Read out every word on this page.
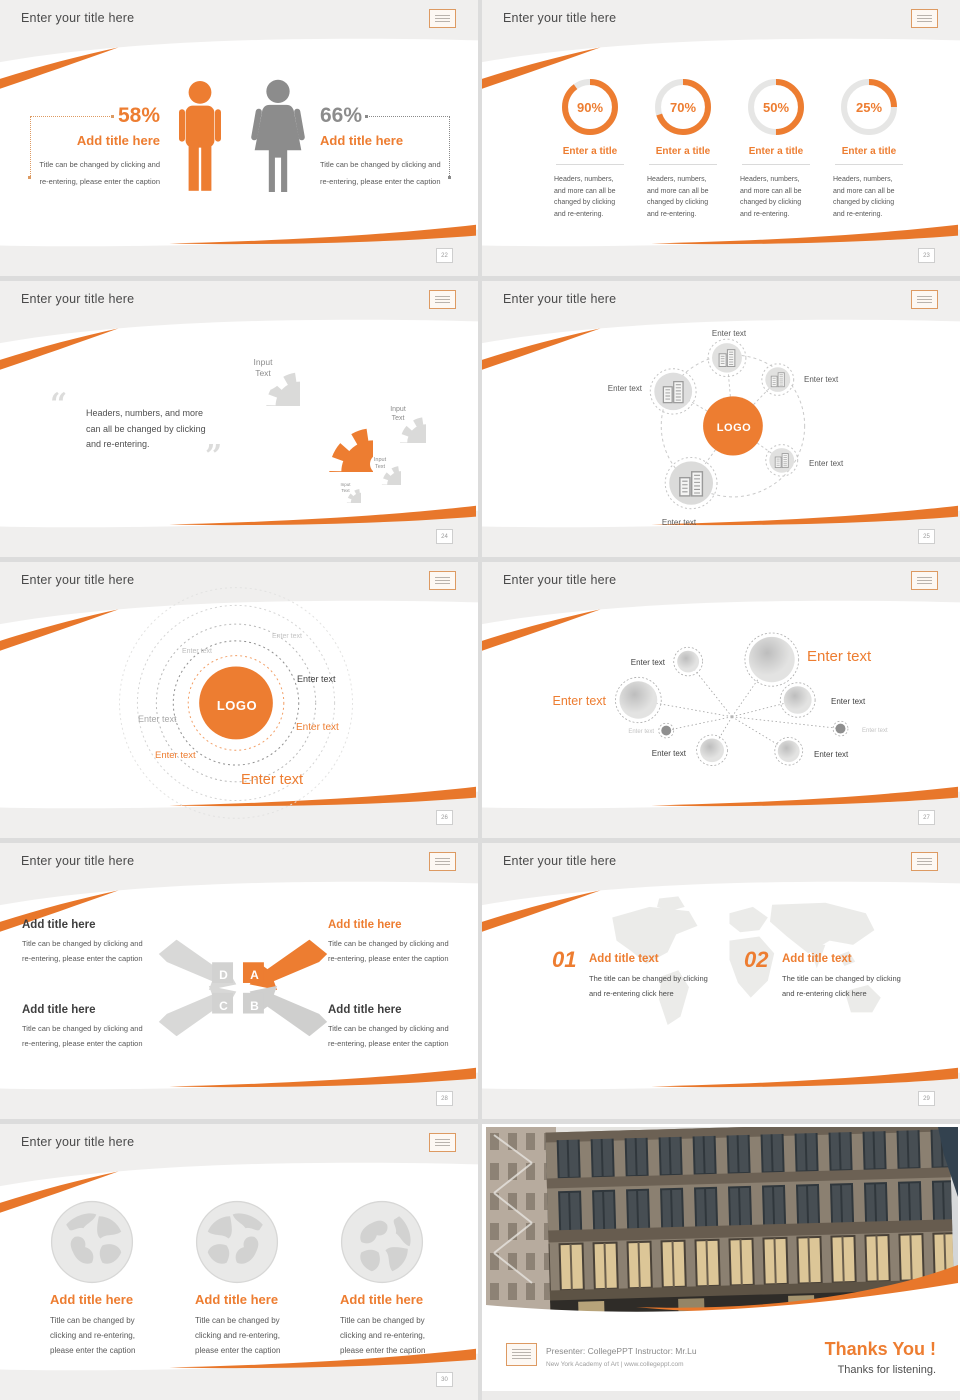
Enter your title here
58%
Add title here
Title can be changed by clicking and
re-entering, please enter the caption
66%
Add title here
Title can be changed by clicking and
re-entering, please enter the caption
22
Enter your title here
90%
Enter a title
Headers, numbers,
and more can all be
changed by clicking
and re-entering.
70%
Enter a title
Headers, numbers,
and more can all be
changed by clicking
and re-entering.
50%
Enter a title
Headers, numbers,
and more can all be
changed by clicking
and re-entering.
25%
Enter a title
Headers, numbers,
and more can all be
changed by clicking
and re-entering.
23
Enter your title here
“ Headers, numbers, and more
can all be changed by clicking
and re-entering.	”
Input
Text
Input
Text
Input
Text
Input
Text
Input
Text
24
Enter your title here
LOGO
Enter text
Enter text
Enter text
Enter text
Enter text
25
Enter your title here
LOGO
Enter text
Enter text
Enter text
Enter text
Enter text
Enter text
Enter text
26
Enter your title here
Enter text	Enter text
Enter text	Enter text
Enter text	Enter text
Enter text	Enter text
27
Enter your title here
Add title here
Title can be changed by clicking and
re-entering, please enter the caption
Add title here
Title can be changed by clicking and
re-entering, please enter the caption
Add title here
Title can be changed by clicking and
re-entering, please enter the caption
Add title here
Title can be changed by clicking and
re-entering, please enter the caption
D	A
C	B
28
Enter your title here
01 Add title text
The title can be changed by clicking
and re-entering click here
02 Add title text
The title can be changed by clicking
and re-entering click here
29
Enter your title here
Add title here
Title can be changed by
clicking and re-entering,
please enter the caption
Add title here
Title can be changed by
clicking and re-entering,
please enter the caption
Add title here
Title can be changed by
clicking and re-entering,
please enter the caption
30
Presenter: CollegePPT Instructor: Mr.Lu
New York Academy of Art | www.collegeppt.com
Thanks You !
Thanks for listening.
